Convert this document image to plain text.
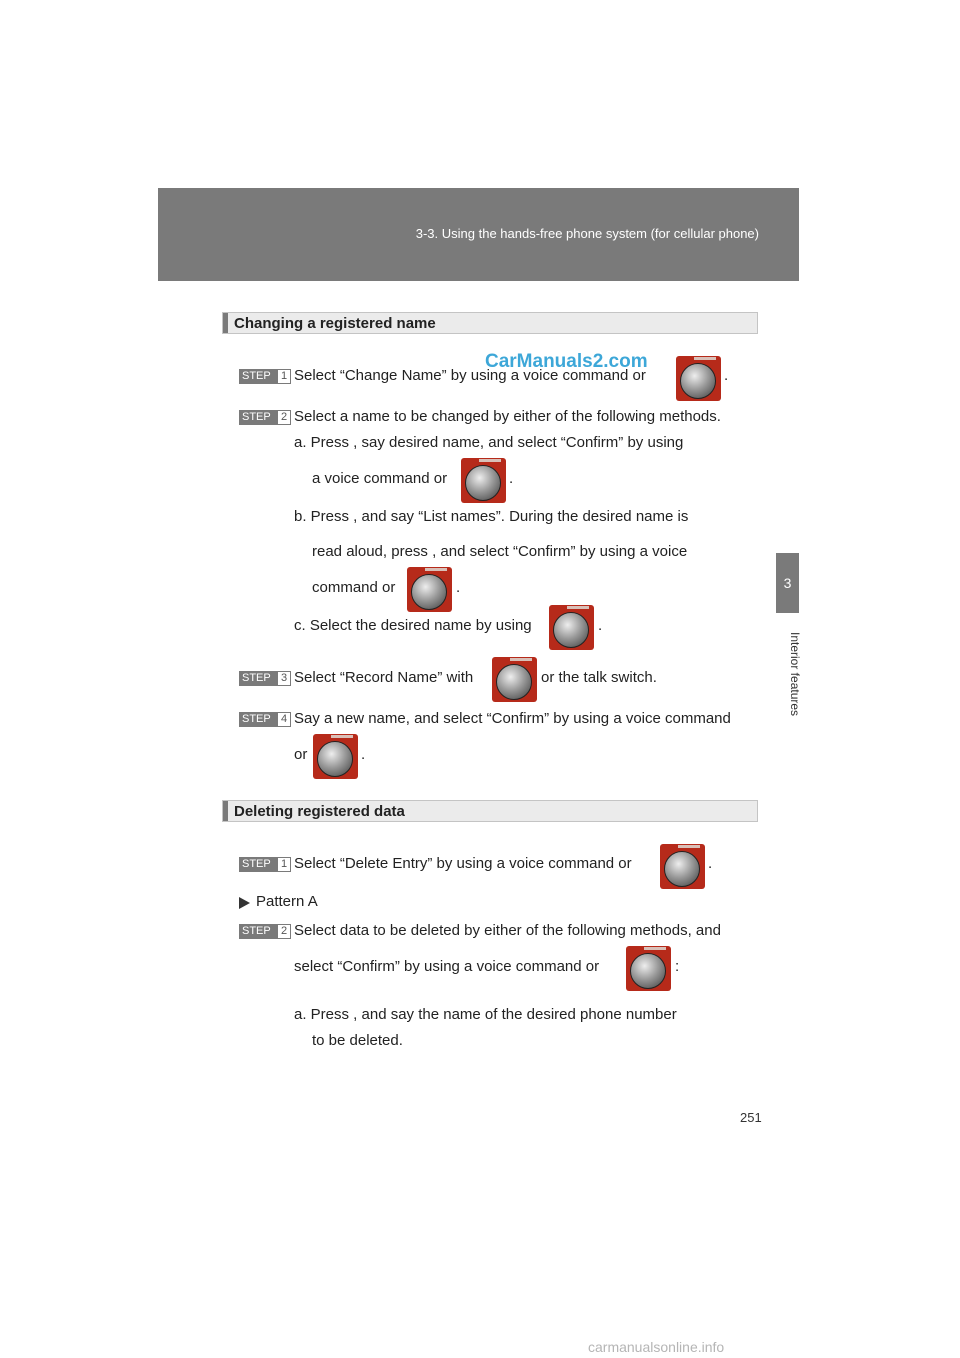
3-3. Using the hands-free phone system (for cellular phone)
3
Interior features
Changing a registered name
STEP 1 Select “Change Name” by using a voice command or	.
STEP 2 Select a name to be changed by either of the following methods.
a. Press , say desired name, and select “Confirm” by using
a voice command or	.
b. Press , and say “List names”. During the desired name is
read aloud, press , and select “Confirm” by using a voice
command or	.
c. Select the desired name by using	.
STEP 3 Select “Record Name” with	or the talk switch.
STEP 4 Say a new name, and select “Confirm” by using a voice command
or	.
Deleting registered data
STEP 1 Select “Delete Entry” by using a voice command or	.
Pattern A
STEP 2 Select data to be deleted by either of the following methods, and
select “Confirm” by using a voice command or	:
a. Press , and say the name of the desired phone number
to be deleted.
CarManuals2.com
251
carmanualsonline.info
